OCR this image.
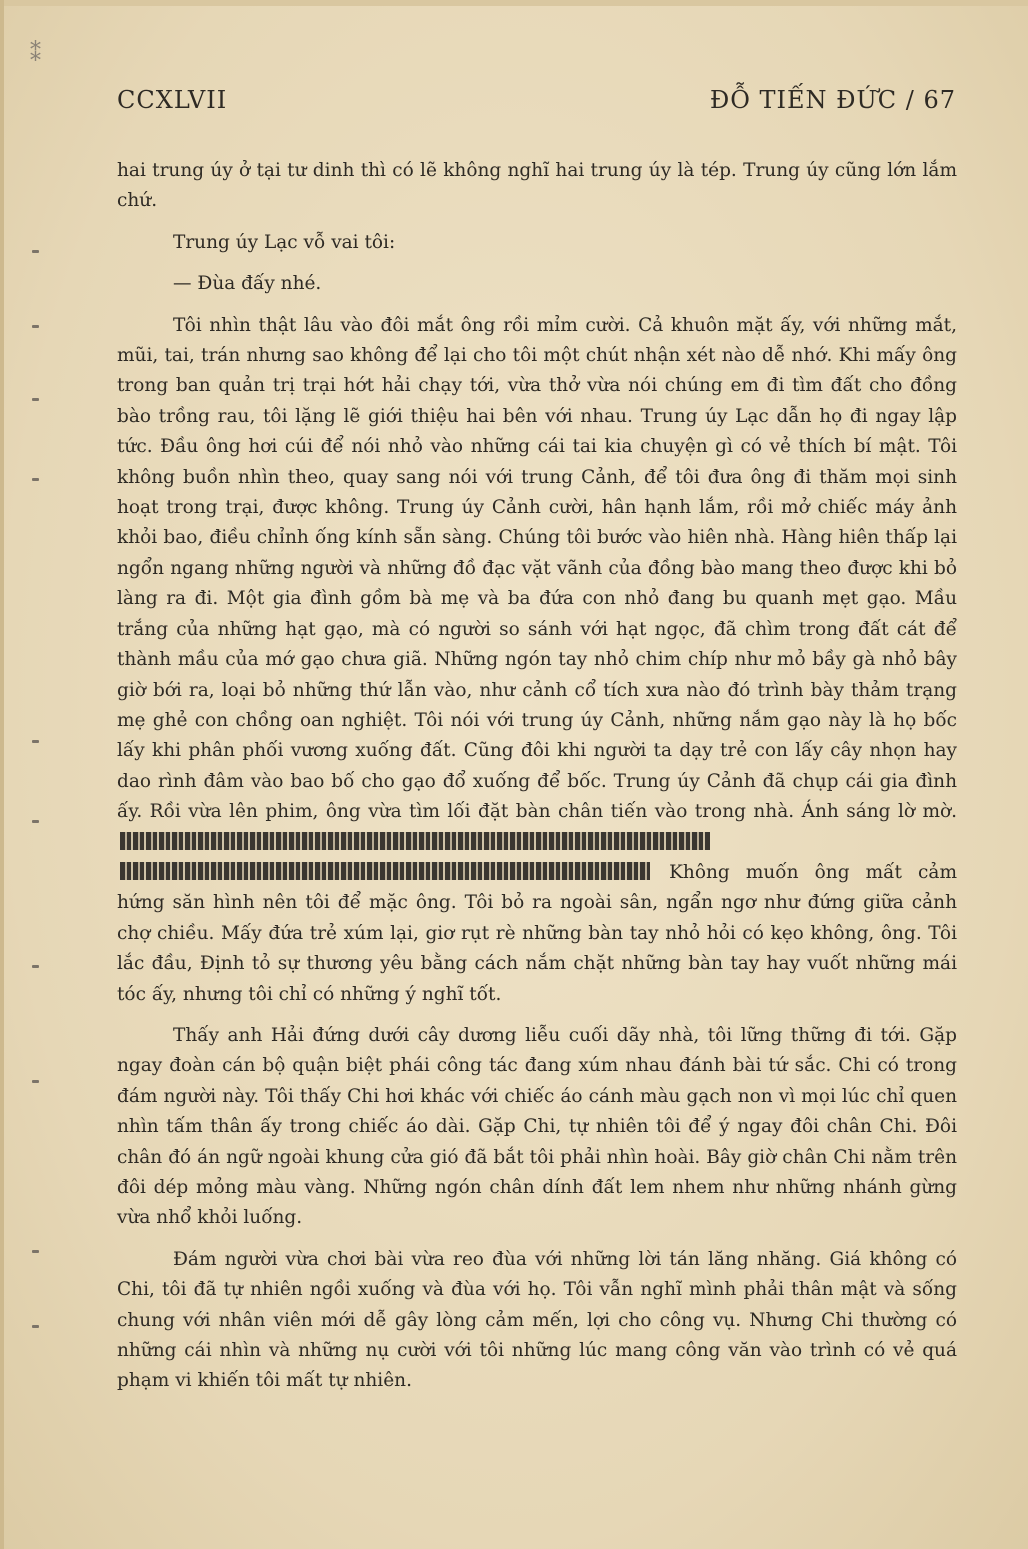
⁑
CCXLVII	ĐỖ TIẾN ĐỨC / 67

hai trung úy ở tại tư dinh thì có lẽ không nghĩ hai trung úy là tép. Trung úy cũng lớn lắm chứ.

Trung úy Lạc vỗ vai tôi:

— Đùa đấy nhé.

Tôi nhìn thật lâu vào đôi mắt ông rồi mỉm cười. Cả khuôn mặt ấy, với những mắt, mũi, tai, trán nhưng sao không để lại cho tôi một chút nhận xét nào dễ nhớ. Khi mấy ông trong ban quản trị trại hớt hải chạy tới, vừa thở vừa nói chúng em đi tìm đất cho đồng bào trồng rau, tôi lặng lẽ giới thiệu hai bên với nhau. Trung úy Lạc dẫn họ đi ngay lập tức. Đầu ông hơi cúi để nói nhỏ vào những cái tai kia chuyện gì có vẻ thích bí mật. Tôi không buồn nhìn theo, quay sang nói với trung Cảnh, để tôi đưa ông đi thăm mọi sinh hoạt trong trại, được không. Trung úy Cảnh cười, hân hạnh lắm, rồi mở chiếc máy ảnh khỏi bao, điều chỉnh ống kính sẵn sàng. Chúng tôi bước vào hiên nhà. Hàng hiên thấp lại ngổn ngang những người và những đồ đạc vặt vãnh của đồng bào mang theo được khi bỏ làng ra đi. Một gia đình gồm bà mẹ và ba đứa con nhỏ đang bu quanh mẹt gạo. Mầu trắng của những hạt gạo, mà có người so sánh với hạt ngọc, đã chìm trong đất cát để thành mầu của mớ gạo chưa giã. Những ngón tay nhỏ chim chíp như mỏ bầy gà nhỏ bây giờ bới ra, loại bỏ những thứ lẫn vào, như cảnh cổ tích xưa nào đó trình bày thảm trạng mẹ ghẻ con chồng oan nghiệt. Tôi nói với trung úy Cảnh, những nắm gạo này là họ bốc lấy khi phân phối vương xuống đất. Cũng đôi khi người ta dạy trẻ con lấy cây nhọn hay dao rình đâm vào bao bố cho gạo đổ xuống để bốc. Trung úy Cảnh đã chụp cái gia đình ấy. Rồi vừa lên phim, ông vừa tìm lối đặt bàn chân tiến vào trong nhà. Ánh sáng lờ mờ.   Không muốn ông mất cảm hứng săn hình nên tôi để mặc ông. Tôi bỏ ra ngoài sân, ngẩn ngơ như đứng giữa cảnh chợ chiều. Mấy đứa trẻ xúm lại, giơ rụt rè những bàn tay nhỏ hỏi có kẹo không, ông. Tôi lắc đầu, Định tỏ sự thương yêu bằng cách nắm chặt những bàn tay hay vuốt những mái tóc ấy, nhưng tôi chỉ có những ý nghĩ tốt.

Thấy anh Hải đứng dưới cây dương liễu cuối dãy nhà, tôi lững thững đi tới. Gặp ngay đoàn cán bộ quận biệt phái công tác đang xúm nhau đánh bài tứ sắc. Chi có trong đám người này. Tôi thấy Chi hơi khác với chiếc áo cánh màu gạch non vì mọi lúc chỉ quen nhìn tấm thân ấy trong chiếc áo dài. Gặp Chi, tự nhiên tôi để ý ngay đôi chân Chi. Đôi chân đó án ngữ ngoài khung cửa gió đã bắt tôi phải nhìn hoài. Bây giờ chân Chi nằm trên đôi dép mỏng màu vàng. Những ngón chân dính đất lem nhem như những nhánh gừng vừa nhổ khỏi luống.

Đám người vừa chơi bài vừa reo đùa với những lời tán lăng nhăng. Giá không có Chi, tôi đã tự nhiên ngồi xuống và đùa với họ. Tôi vẫn nghĩ mình phải thân mật và sống chung với nhân viên mới dễ gây lòng cảm mến, lợi cho công vụ. Nhưng Chi thường có những cái nhìn và những nụ cười với tôi những lúc mang công văn vào trình có vẻ quá phạm vi khiến tôi mất tự nhiên.
